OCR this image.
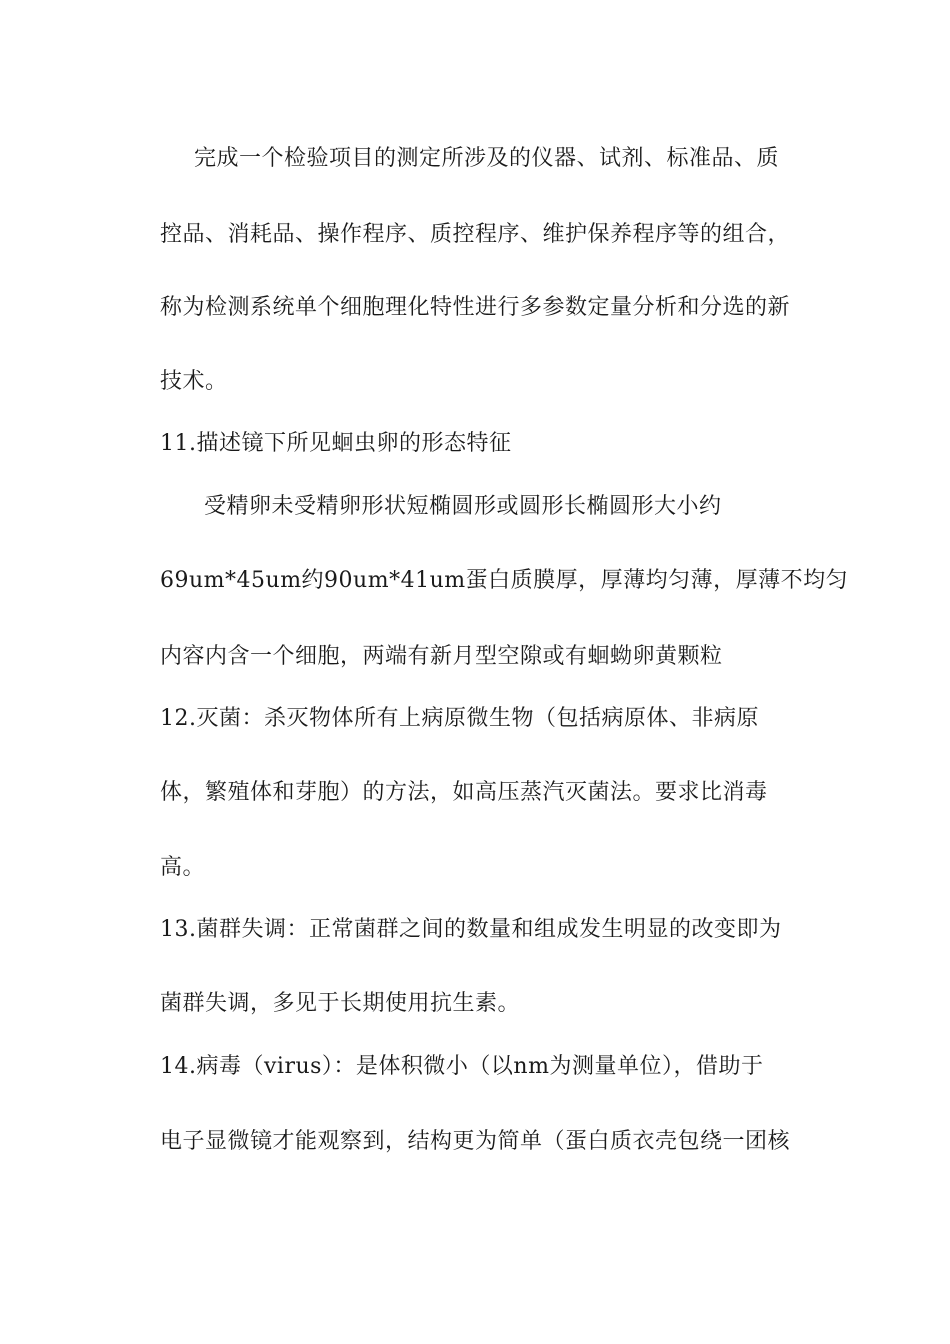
完成一个检验项目的测定所涉及的仪器、试剂、标准品、质
控品、消耗品、操作程序、质控程序、维护保养程序等的组合，
称为检测系统单个细胞理化特性进行多参数定量分析和分选的新
技术。
11.描述镜下所见蛔虫卵的形态特征
受精卵未受精卵形状短椭圆形或圆形长椭圆形大小约
69um*45um约90um*41um蛋白质膜厚，厚薄均匀薄，厚薄不均匀
内容内含一个细胞，两端有新月型空隙或有蛔蚴卵黄颗粒
12.灭菌：杀灭物体所有上病原微生物（包括病原体、非病原
体，繁殖体和芽胞）的方法，如高压蒸汽灭菌法。要求比消毒
高。
13.菌群失调：正常菌群之间的数量和组成发生明显的改变即为
菌群失调，多见于长期使用抗生素。
14.病毒（virus）：是体积微小（以nm为测量单位），借助于
电子显微镜才能观察到，结构更为简单（蛋白质衣壳包绕一团核
